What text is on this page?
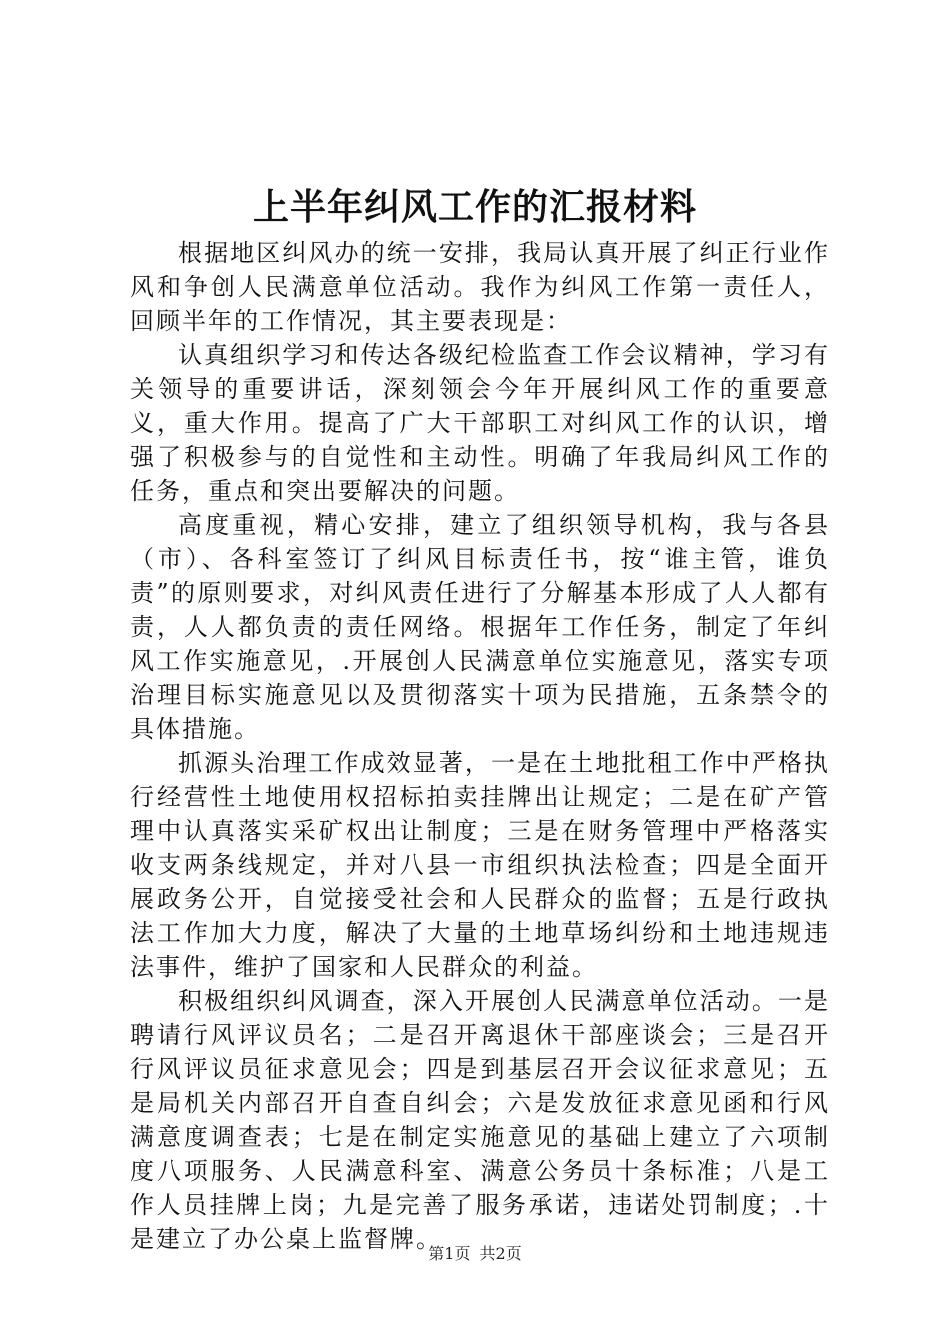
上半年纠风工作的汇报材料

根据地区纠风办的统一安排，我局认真开展了纠正行业作风和争创人民满意单位活动。我作为纠风工作第一责任人，回顾半年的工作情况，其主要表现是：

认真组织学习和传达各级纪检监查工作会议精神，学习有关领导的重要讲话，深刻领会今年开展纠风工作的重要意义，重大作用。提高了广大干部职工对纠风工作的认识，增强了积极参与的自觉性和主动性。明确了年我局纠风工作的任务，重点和突出要解决的问题。

高度重视，精心安排，建立了组织领导机构，我与各县（市）、各科室签订了纠风目标责任书，按“谁主管，谁负责”的原则要求，对纠风责任进行了分解基本形成了人人都有责，人人都负责的责任网络。根据年工作任务，制定了年纠风工作实施意见，.开展创人民满意单位实施意见，落实专项治理目标实施意见以及贯彻落实十项为民措施，五条禁令的具体措施。

抓源头治理工作成效显著，一是在土地批租工作中严格执行经营性土地使用权招标拍卖挂牌出让规定；二是在矿产管理中认真落实采矿权出让制度；三是在财务管理中严格落实收支两条线规定，并对八县一市组织执法检查；四是全面开展政务公开，自觉接受社会和人民群众的监督；五是行政执法工作加大力度，解决了大量的土地草场纠纷和土地违规违法事件，维护了国家和人民群众的利益。

积极组织纠风调查，深入开展创人民满意单位活动。一是聘请行风评议员名；二是召开离退休干部座谈会；三是召开行风评议员征求意见会；四是到基层召开会议征求意见；五是局机关内部召开自查自纠会；六是发放征求意见函和行风满意度调查表；七是在制定实施意见的基础上建立了六项制度八项服务、人民满意科室、满意公务员十条标准；八是工作人员挂牌上岗；九是完善了服务承诺，违诺处罚制度；.十是建立了办公桌上监督牌。

第1页 共2页
